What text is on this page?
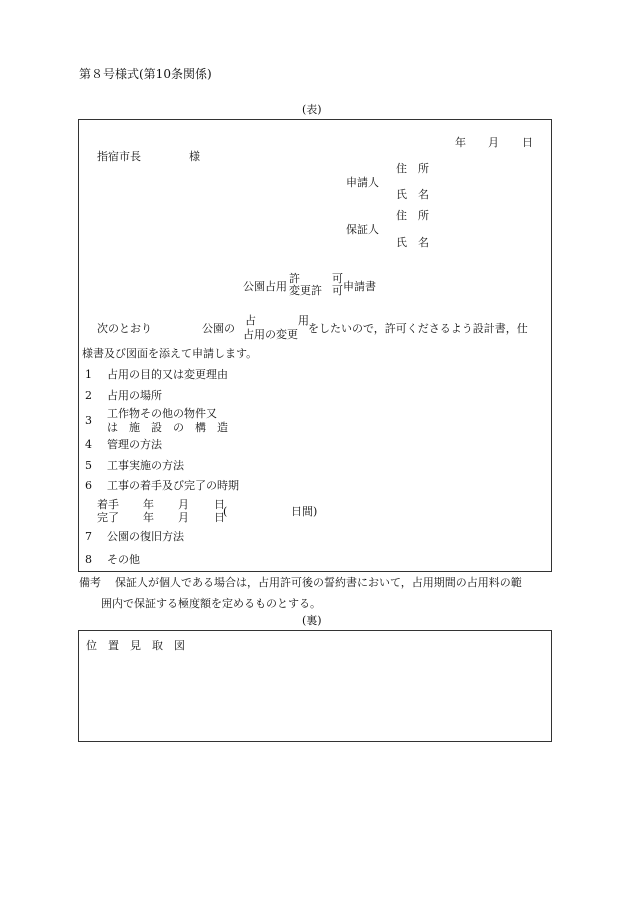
第８号様式(第10条関係)
(表)
年 月 日
指宿市長	様
住　所
申請人
氏　名
住　所
保証人
氏　名
公園占用
許
変更許
可
可 申請書
次のとおり	公園の
占	用
占用の変更 をしたいので，許可くださるよう設計書，仕
様書及び図面を添えて申請します。
1 占用の目的又は変更理由
2 占用の場所
3
工作物その他の物件又
は　施　設　の　構　造
4 管理の方法
5 工事実施の方法
6 工事の着手及び完了の時期
着手 年 月 日
完了 年 月 日
(	日間)
7 公園の復旧方法
8 その他
備考 保証人が個人である場合は，占用許可後の誓約書において，占用期間の占用料の範
囲内で保証する極度額を定めるものとする。
(裏)
位　置　見　取　図
